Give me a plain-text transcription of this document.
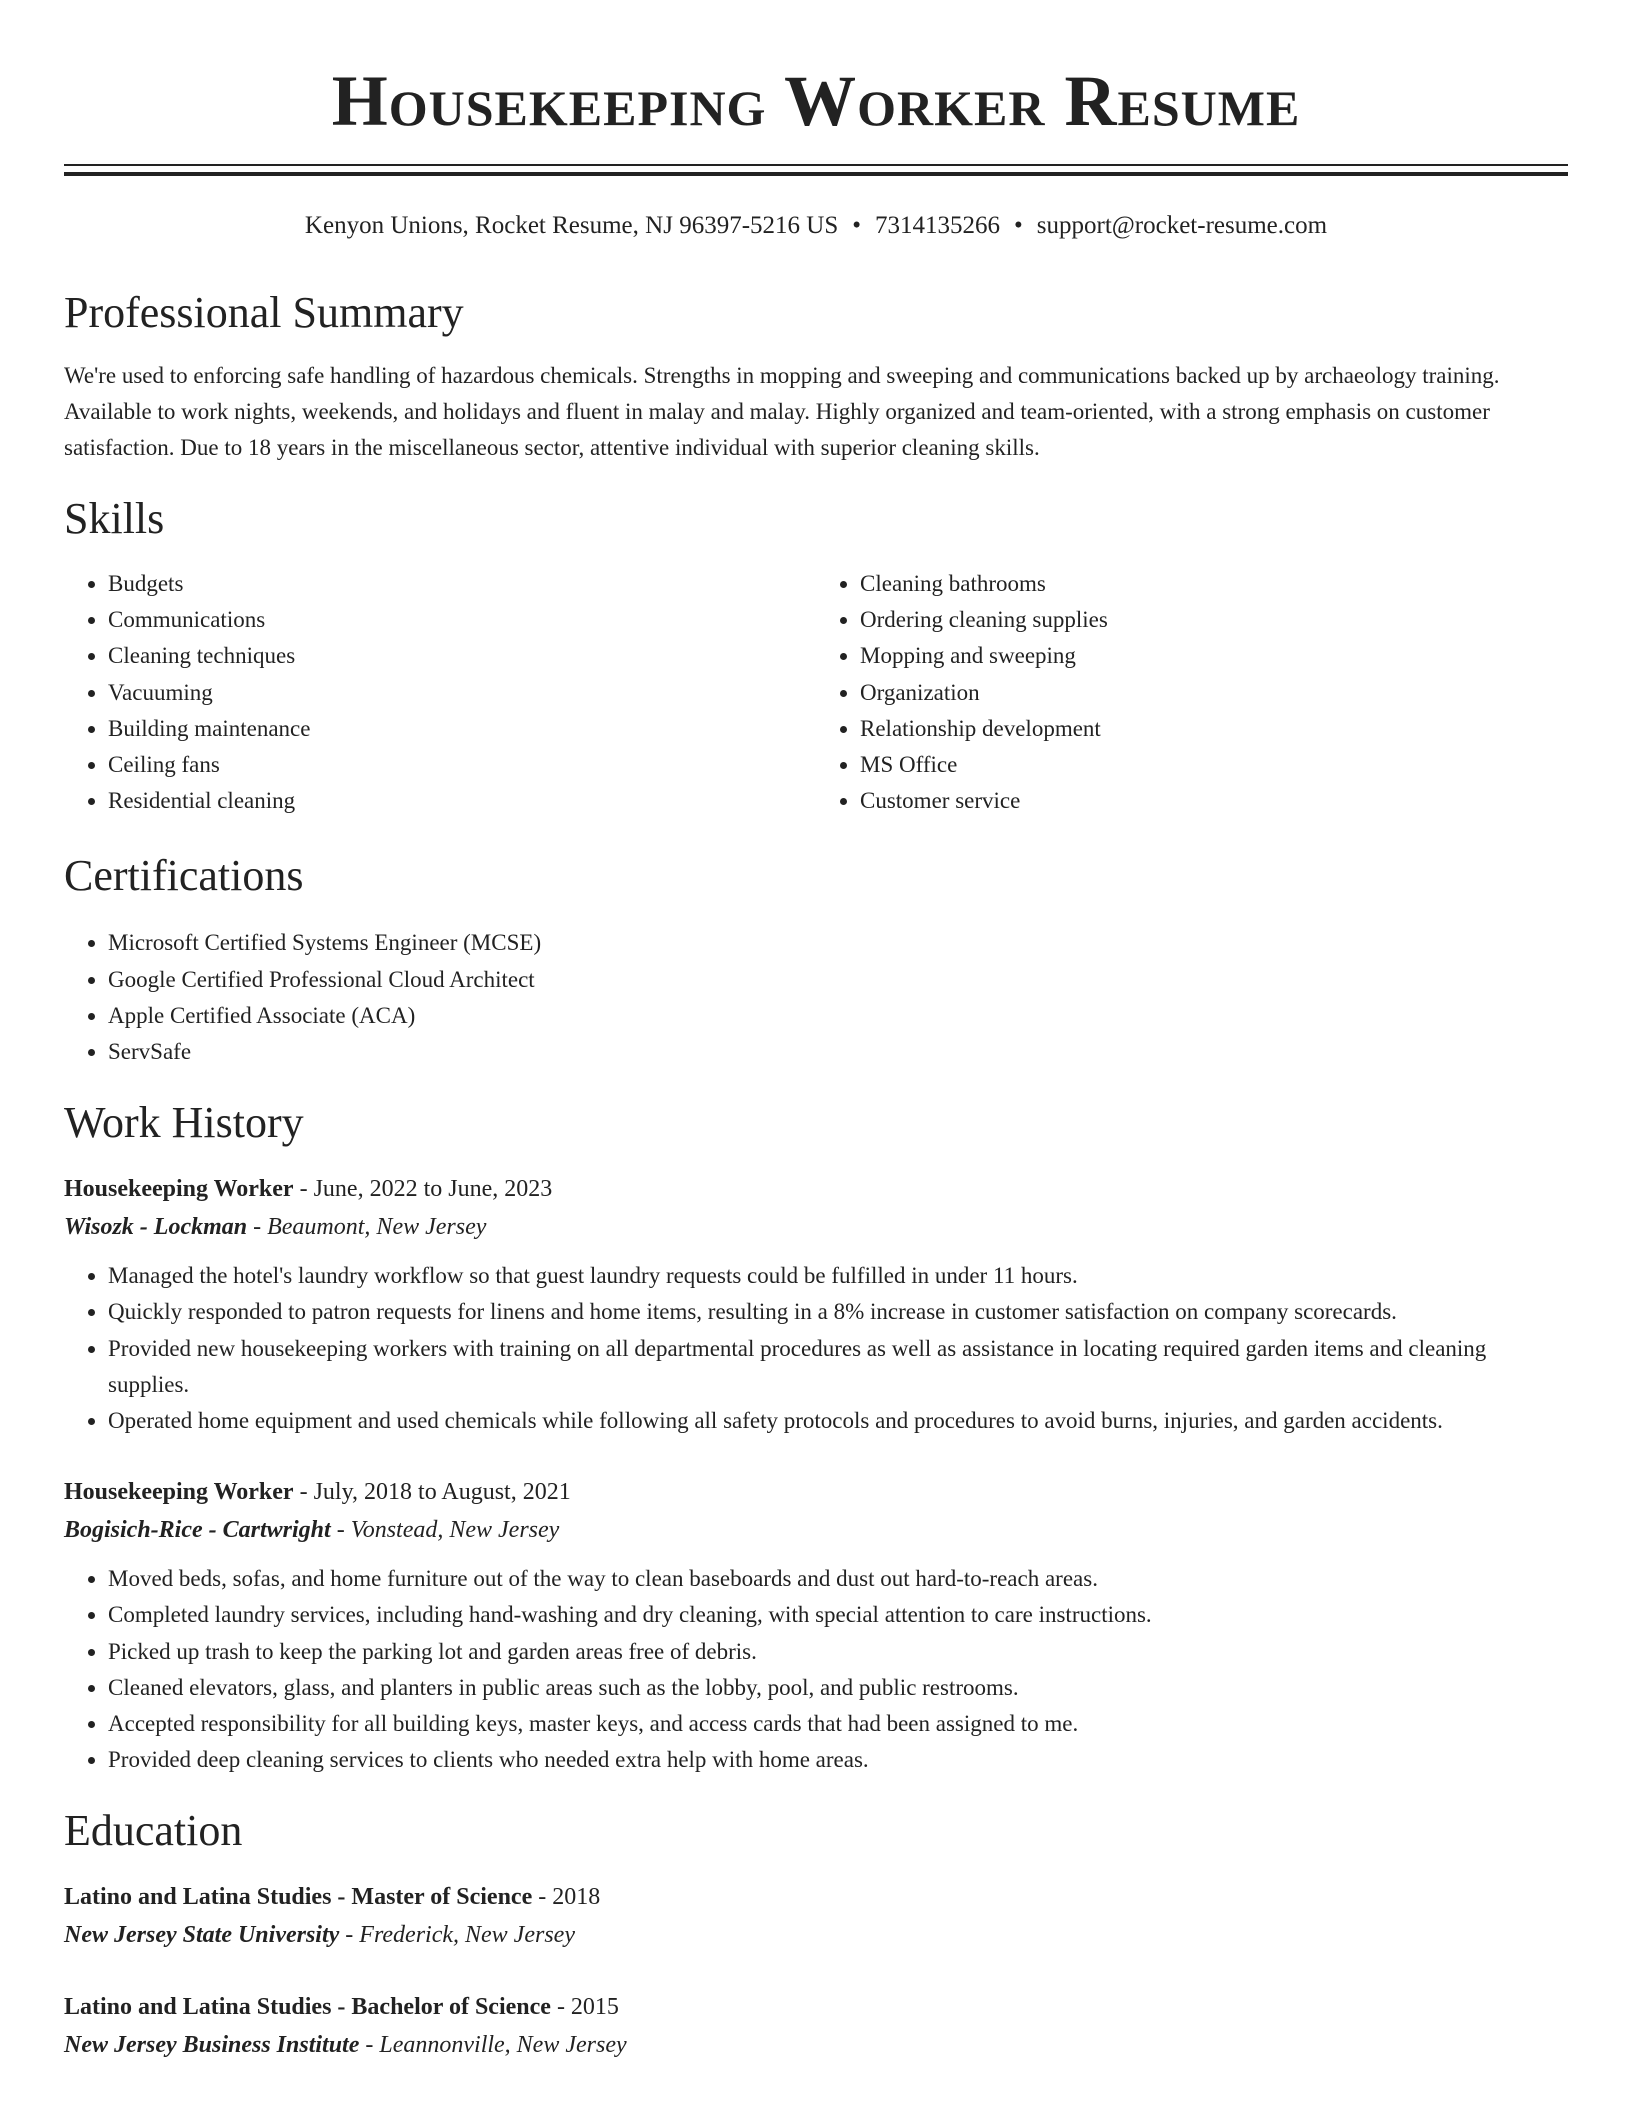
Housekeeping Worker Resume
Kenyon Unions, Rocket Resume, NJ 96397-5216 US • 7314135266 • support@rocket-resume.com
Professional Summary

We're used to enforcing safe handling of hazardous chemicals. Strengths in mopping and sweeping and communications backed up by archaeology training. Available to work nights, weekends, and holidays and fluent in malay and malay. Highly organized and team-oriented, with a strong emphasis on customer satisfaction. Due to 18 years in the miscellaneous sector, attentive individual with superior cleaning skills.

Skills
• Budgets
• Communications
• Cleaning techniques
• Vacuuming
• Building maintenance
• Ceiling fans
• Residential cleaning
• Cleaning bathrooms
• Ordering cleaning supplies
• Mopping and sweeping
• Organization
• Relationship development
• MS Office
• Customer service
Certifications
• Microsoft Certified Systems Engineer (MCSE)
• Google Certified Professional Cloud Architect
• Apple Certified Associate (ACA)
• ServSafe
Work History
Housekeeping Worker - June, 2022 to June, 2023
Wisozk - Lockman - Beaumont, New Jersey
• Managed the hotel's laundry workflow so that guest laundry requests could be fulfilled in under 11 hours.
• Quickly responded to patron requests for linens and home items, resulting in a 8% increase in customer satisfaction on company scorecards.
• Provided new housekeeping workers with training on all departmental procedures as well as assistance in locating required garden items and cleaning supplies.
• Operated home equipment and used chemicals while following all safety protocols and procedures to avoid burns, injuries, and garden accidents.
Housekeeping Worker - July, 2018 to August, 2021
Bogisich-Rice - Cartwright - Vonstead, New Jersey
• Moved beds, sofas, and home furniture out of the way to clean baseboards and dust out hard-to-reach areas.
• Completed laundry services, including hand-washing and dry cleaning, with special attention to care instructions.
• Picked up trash to keep the parking lot and garden areas free of debris.
• Cleaned elevators, glass, and planters in public areas such as the lobby, pool, and public restrooms.
• Accepted responsibility for all building keys, master keys, and access cards that had been assigned to me.
• Provided deep cleaning services to clients who needed extra help with home areas.
Education
Latino and Latina Studies - Master of Science - 2018
New Jersey State University - Frederick, New Jersey
Latino and Latina Studies - Bachelor of Science - 2015
New Jersey Business Institute - Leannonville, New Jersey
